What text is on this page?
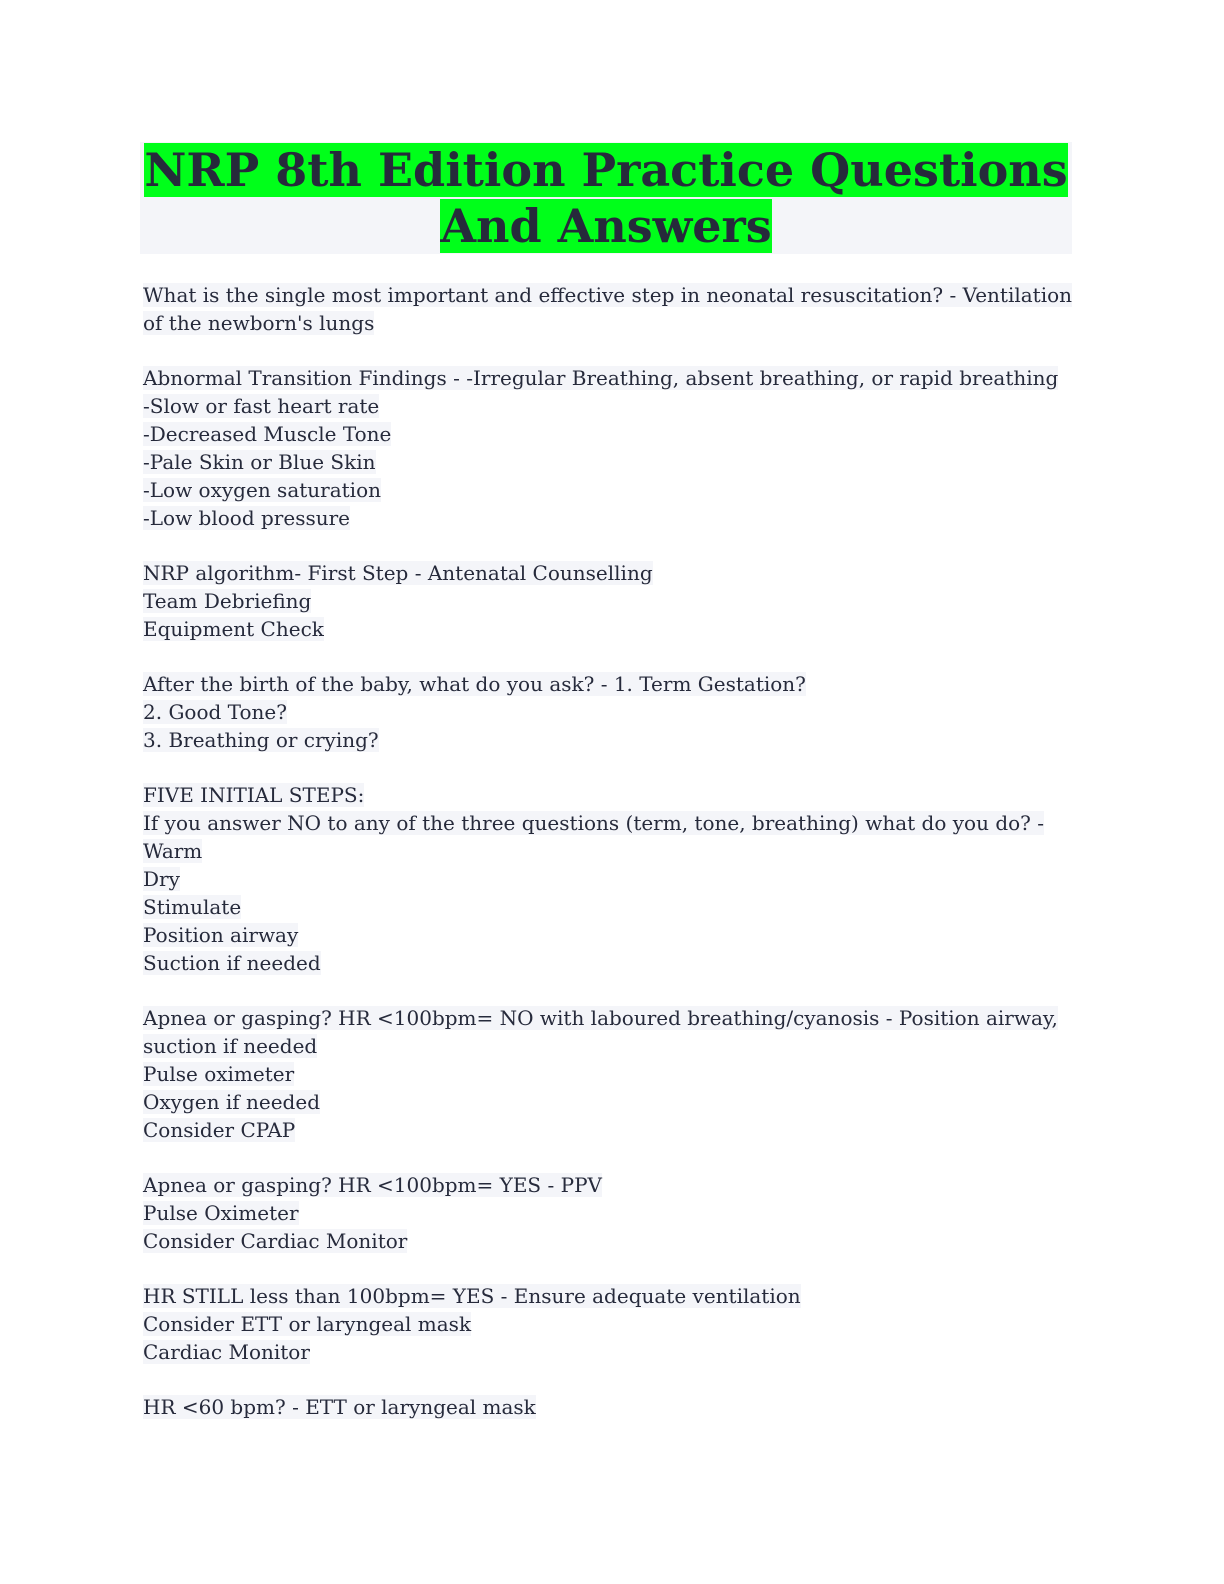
NRP 8th Edition Practice Questions And Answers
What is the single most important and effective step in neonatal resuscitation? - Ventilation of the newborn's lungs
Abnormal Transition Findings - -Irregular Breathing, absent breathing, or rapid breathing
-Slow or fast heart rate
-Decreased Muscle Tone
-Pale Skin or Blue Skin
-Low oxygen saturation
-Low blood pressure
NRP algorithm- First Step - Antenatal Counselling
Team Debriefing
Equipment Check
After the birth of the baby, what do you ask? - 1. Term Gestation?
2. Good Tone?
3. Breathing or crying?
FIVE INITIAL STEPS:
If you answer NO to any of the three questions (term, tone, breathing) what do you do? - Warm
Dry
Stimulate
Position airway
Suction if needed
Apnea or gasping? HR <100bpm= NO with laboured breathing/cyanosis - Position airway, suction if needed
Pulse oximeter
Oxygen if needed
Consider CPAP
Apnea or gasping? HR <100bpm= YES - PPV
Pulse Oximeter
Consider Cardiac Monitor
HR STILL less than 100bpm= YES - Ensure adequate ventilation
Consider ETT or laryngeal mask
Cardiac Monitor
HR <60 bpm? - ETT or laryngeal mask
